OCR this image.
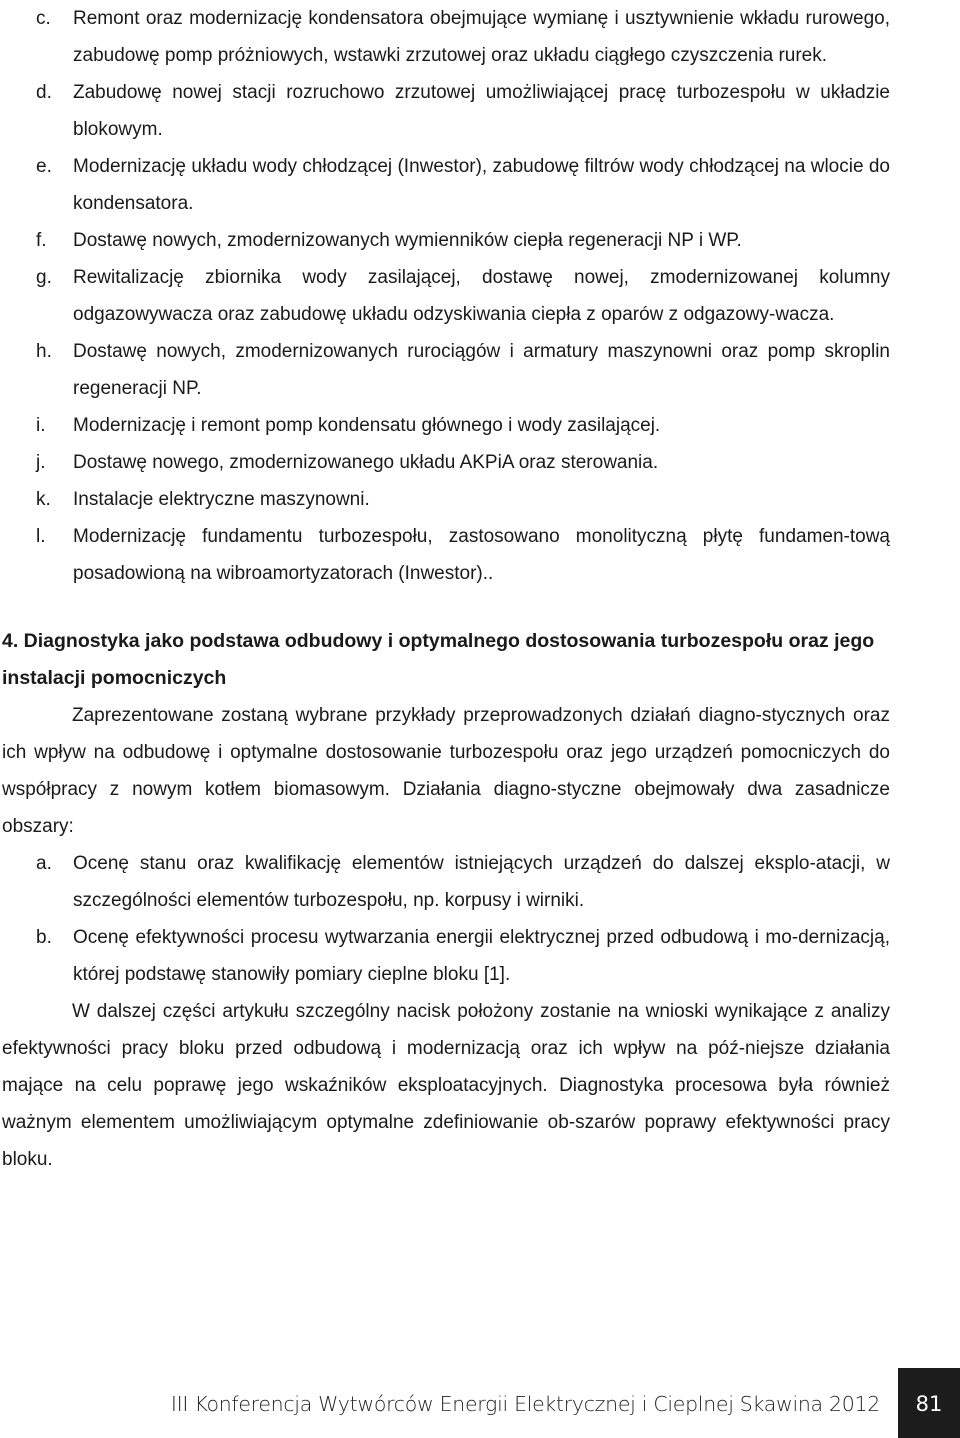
c.	Remont oraz modernizację kondensatora obejmujące wymianę i usztywnienie wkładu rurowego, zabudowę pomp próżniowych, wstawki zrzutowej oraz układu ciągłego czyszczenia rurek.
d.	Zabudowę nowej stacji rozruchowo zrzutowej umożliwiającej pracę turbozespołu w układzie blokowym.
e.	Modernizację układu wody chłodzącej (Inwestor), zabudowę filtrów wody chłodzącej na wlocie do kondensatora.
f.	Dostawę nowych, zmodernizowanych wymienników ciepła regeneracji NP i WP.
g.	Rewitalizację zbiornika wody zasilającej, dostawę nowej, zmodernizowanej kolumny odgazowywacza oraz zabudowę układu odzyskiwania ciepła z oparów z odgazowy-wacza.
h.	Dostawę nowych, zmodernizowanych rurociągów i armatury maszynowni oraz pomp skroplin regeneracji NP.
i.	Modernizację i remont pomp kondensatu głównego i wody zasilającej.
j.	Dostawę nowego, zmodernizowanego układu AKPiA oraz sterowania.
k.	Instalacje elektryczne maszynowni.
l.	Modernizację fundamentu turbozespołu, zastosowano monolityczną płytę fundamen-tową posadowioną na wibroamortyzatorach (Inwestor)..
4. Diagnostyka jako podstawa odbudowy i optymalnego dostosowania turbozespołu oraz jego instalacji pomocniczych

Zaprezentowane zostaną wybrane przykłady przeprowadzonych działań diagno-stycznych oraz ich wpływ na odbudowę i optymalne dostosowanie turbozespołu oraz jego urządzeń pomocniczych do współpracy z nowym kotłem biomasowym. Działania diagno-styczne obejmowały dwa zasadnicze obszary:

a.	Ocenę stanu oraz kwalifikację elementów istniejących urządzeń do dalszej eksplo-atacji, w szczególności elementów turbozespołu, np. korpusy i wirniki.
b.	Ocenę efektywności procesu wytwarzania energii elektrycznej przed odbudową i mo-dernizacją, której podstawę stanowiły pomiary cieplne bloku [1].

W dalszej części artykułu szczególny nacisk położony zostanie na wnioski wynikające z analizy efektywności pracy bloku przed odbudową i modernizacją oraz ich wpływ na póź-niejsze działania mające na celu poprawę jego wskaźników eksploatacyjnych. Diagnostyka procesowa była również ważnym elementem umożliwiającym optymalne zdefiniowanie ob-szarów poprawy efektywności pracy bloku.

III Konferencja Wytwórców Energii Elektrycznej i Cieplnej Skawina 2012	81
